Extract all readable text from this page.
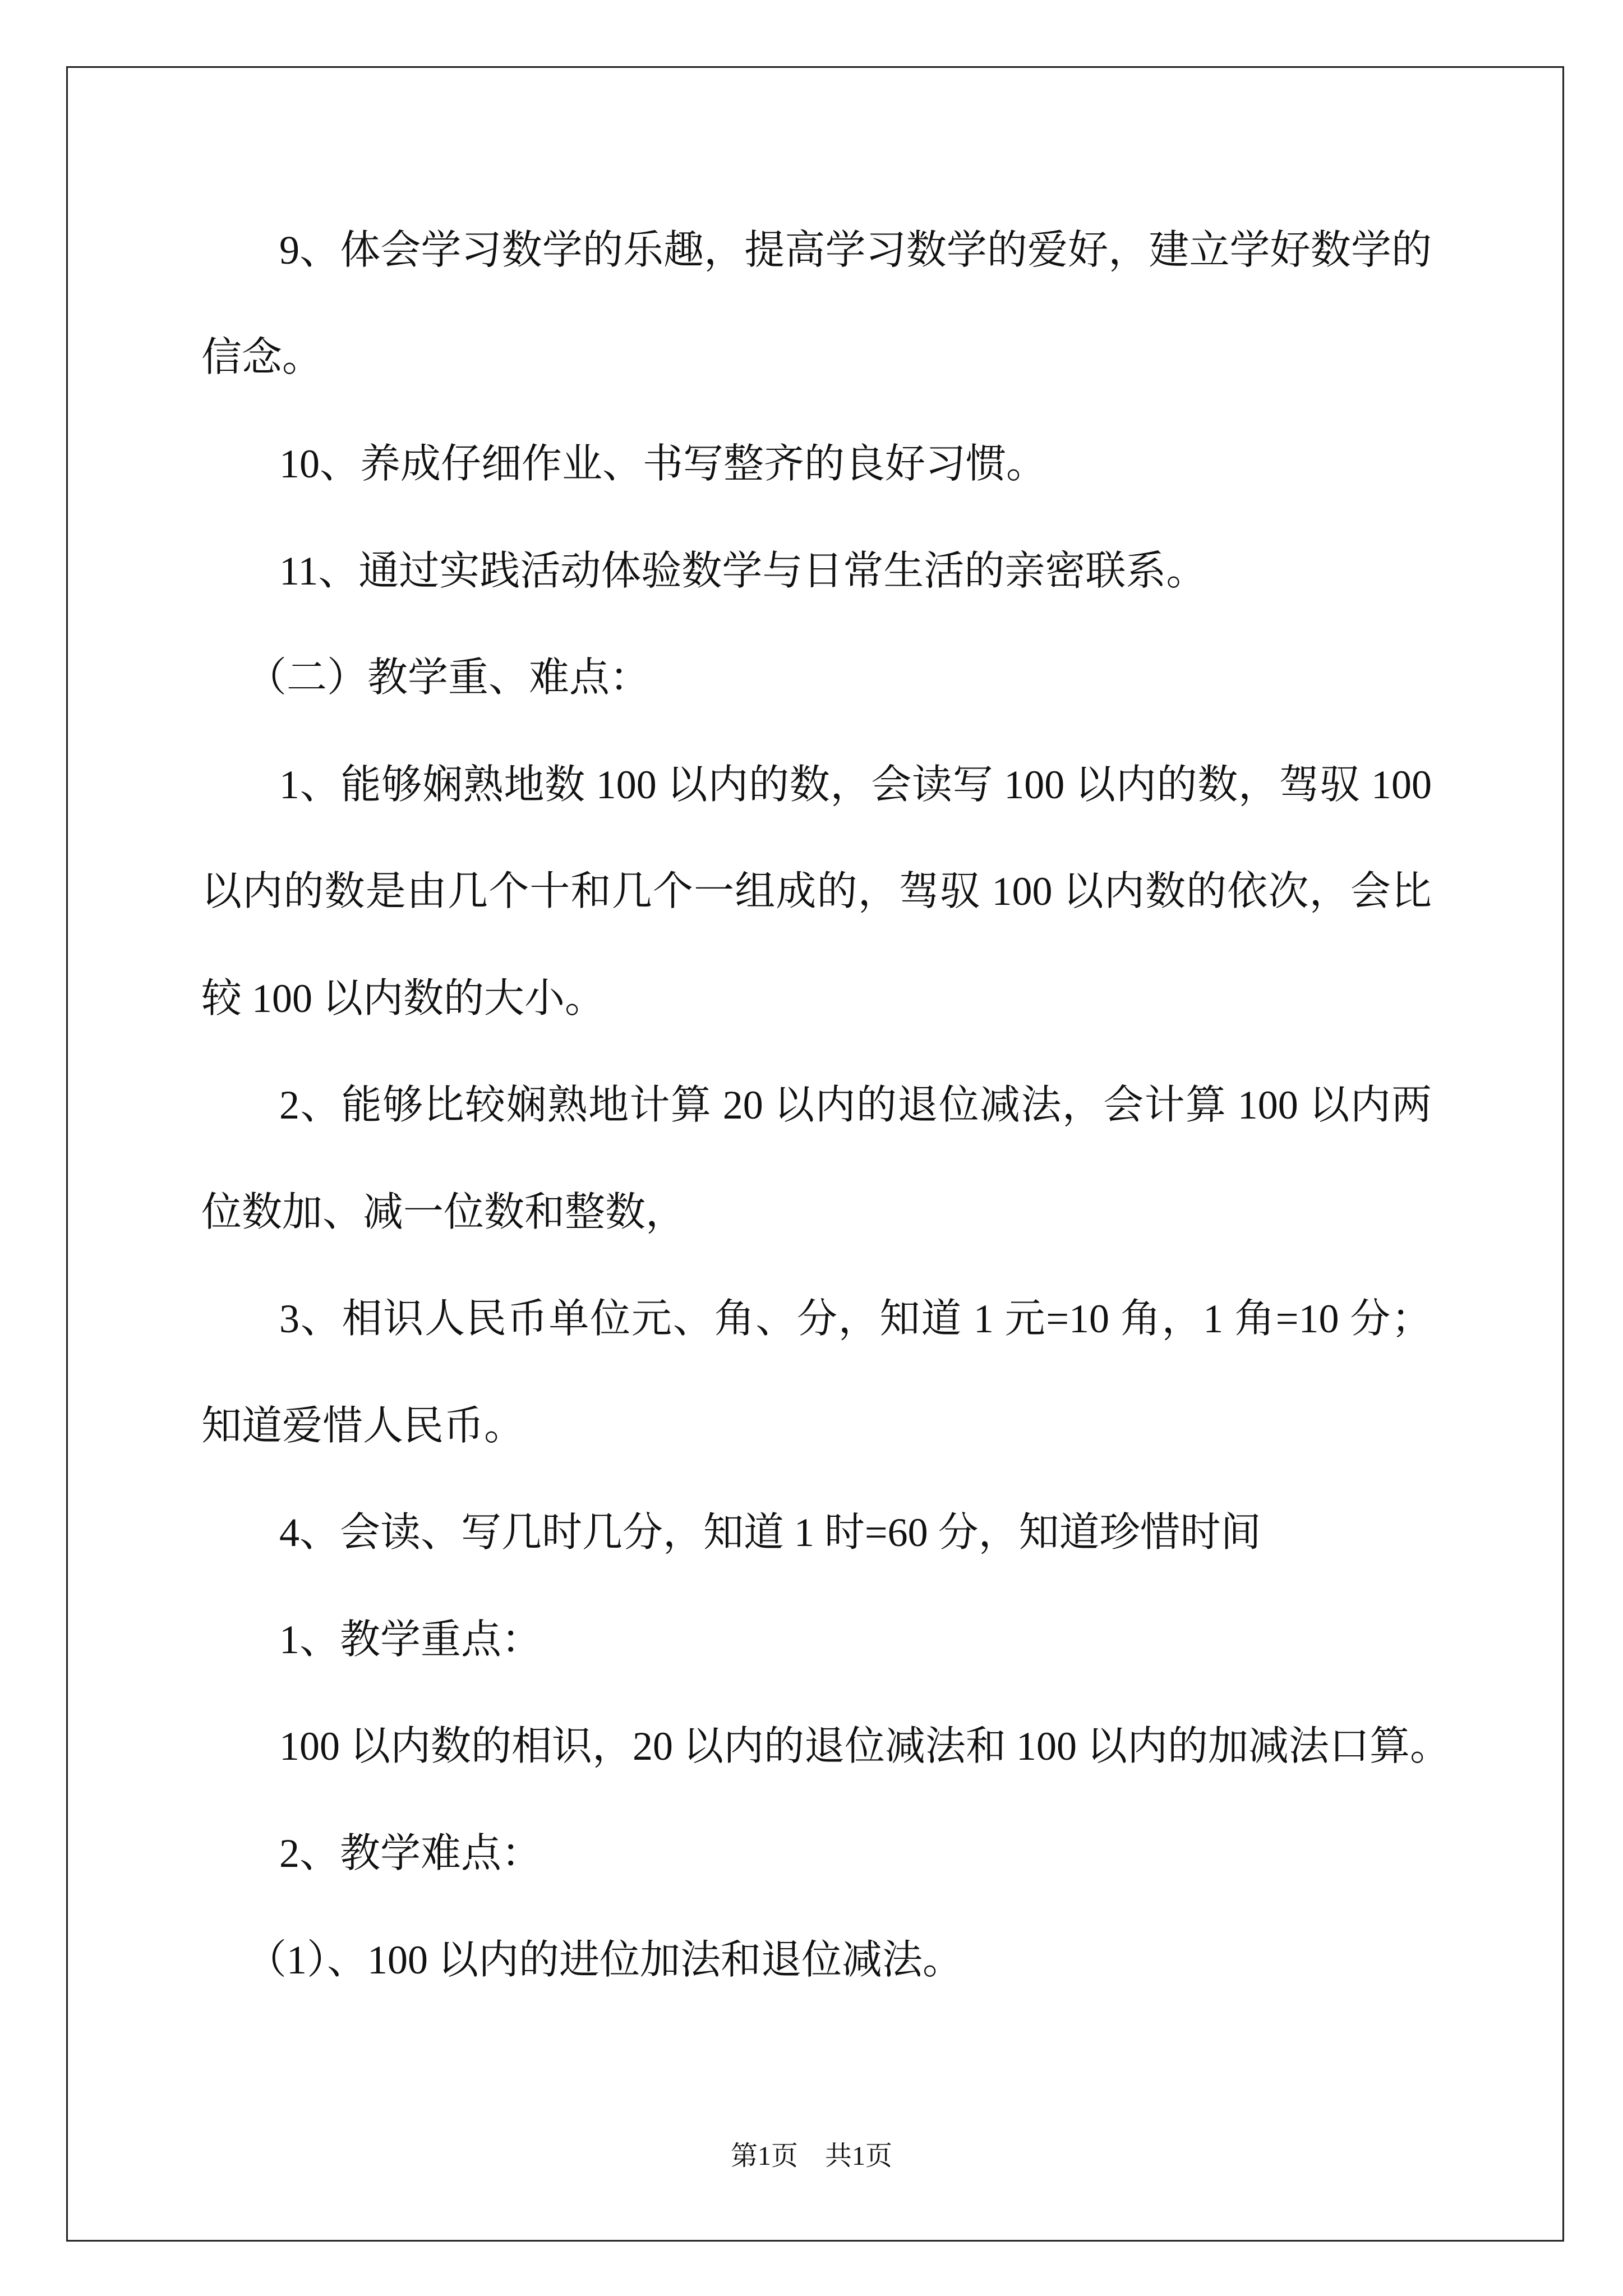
9、体会学习数学的乐趣，提高学习数学的爱好，建立学好数学的
信念。

10、养成仔细作业、书写整齐的良好习惯。

11、通过实践活动体验数学与日常生活的亲密联系。

（二）教学重、难点：

1、能够娴熟地数 100 以内的数，会读写 100 以内的数，驾驭 100
以内的数是由几个十和几个一组成的，驾驭 100 以内数的依次，会比
较 100 以内数的大小。

2、能够比较娴熟地计算 20 以内的退位减法，会计算 100 以内两
位数加、减一位数和整数，

3、相识人民币单位元、角、分，知道 1 元=10 角，1 角=10 分；
知道爱惜人民币。

4、会读、写几时几分，知道 1 时=60 分，知道珍惜时间

1、教学重点：

100 以内数的相识，20 以内的退位减法和 100 以内的加减法口算。

2、教学难点：

（1）、100 以内的进位加法和退位减法。

第1页 共1页
